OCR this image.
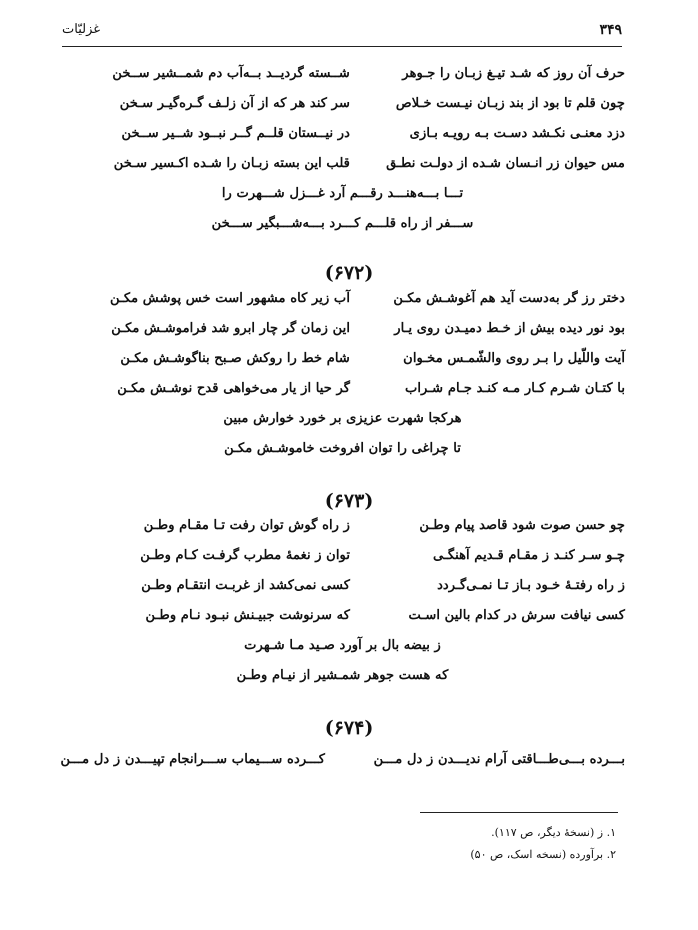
۳۴۹
غزلیّات
حرف آن روز که شـد تیـغ زبـان را جـوهر
شــسته گردیــد بــه‌آب دم شمــشیر ســخن
چون قلم تا بود از بند زبـان نیـست خـلاص
سر کند هر که از آن زلـف گـره‌گیـر سـخن
دزد معنـی نکـشد دسـت بـه رویـه بـازی
در نیــستان قلــم گــر نبــود شــیر ســخن
مس حیوان زر انـسان شـده از دولـت نطـق
قلب این بسته زبـان را شـده اکـسیر سـخن
تـــا بـــه‌هنـــد رقـــم آرد غـــزل شـــهرت را
ســـفر از راه قلـــم کـــرد بـــه‌شـــبگیر ســـخن
(۶۷۲)
دختر رز گر به‌دست آید هم آغوشـش مکـن
آب زیر کاه مشهور است خس پوشش مکـن
بود نور دیده بیش از خـط دمیـدن روی یـار
این زمان گر چار ابرو شد فراموشـش مکـن
آیت واللّیل را بـر روی والشّمـس مخـوان
شام خط را روکش صـبح بناگوشـش مکـن
با کتـان شـرم کـار مـه کنـد جـام شـراب
گر حیا از یار می‌خواهی قدح نوشـش مکـن
هرکجا شهرت عزیزی بر خورد خوارش مبین
تا چراغی را توان افروخت خاموشـش مکـن
(۶۷۳)
چو حسن صوت شود قاصد پیام وطـن
ز راه گوش توان رفت تـا مقـام وطـن
چـو سـر کنـد ز مقـام قـدیم آهنگـی
توان ز نغمهٔ مطرب گرفـت کـام وطـن
ز راه رفتـهٔ خـود بـاز تـا نمـی‌گـردد
کسی نمی‌کشد از غربـت انتقـام وطـن
کسی نیافت سرش در کدام بالین اسـت
که سرنوشت جبیـنش نبـود نـام وطـن
ز بیضه بال بر آورد صـید مـا شـهرت
که هست جوهر شمـشیر از نیـام وطـن
(۶۷۴)
بـــرده بـــی‌طـــاقتی آرام ندیـــدن ز دل مـــن
کـــرده ســـیماب ســـرانجام تپیـــدن ز دل مـــن
۱. ز (نسخهٔ دیگر، ص ۱۱۷).
۲. برآورده (نسخه اسک، ص ۵۰)
